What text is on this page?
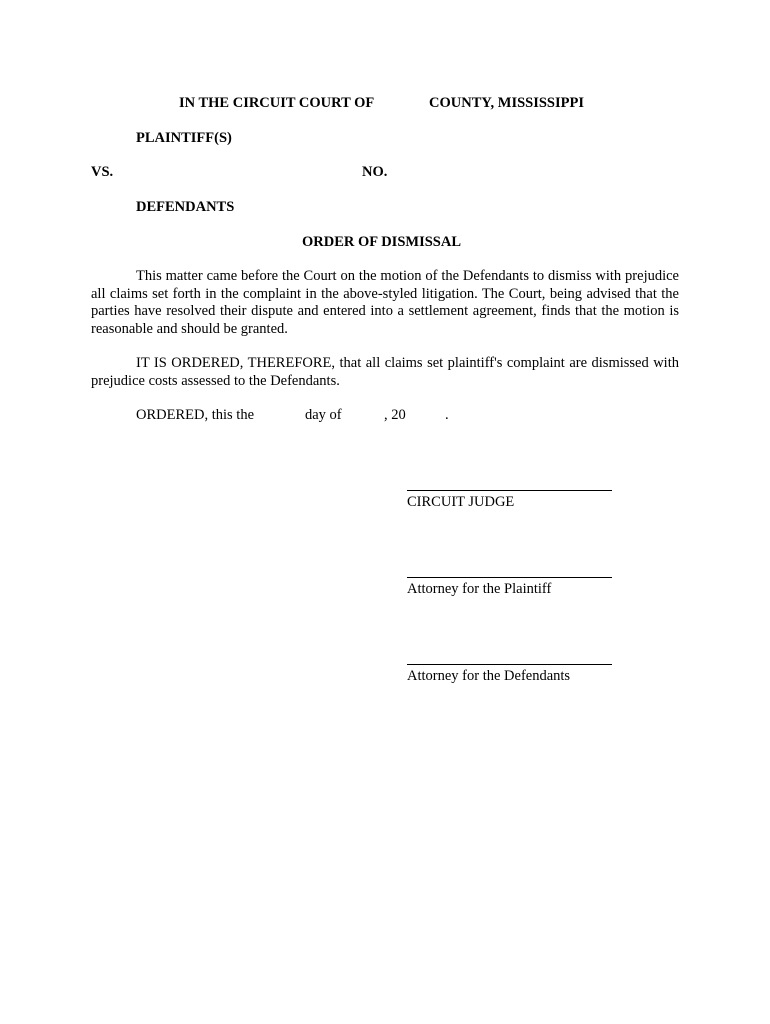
IN THE CIRCUIT COURT OF	COUNTY, MISSISSIPPI
PLAINTIFF(S)
VS.	NO.
DEFENDANTS
ORDER OF DISMISSAL
This matter came before the Court on the motion of the Defendants to dismiss with prejudice all claims set forth in the complaint in the above-styled litigation. The Court, being advised that the parties have resolved their dispute and entered into a settlement agreement, finds that the motion is reasonable and should be granted.
IT IS ORDERED, THEREFORE, that all claims set plaintiff's complaint are dismissed with prejudice costs assessed to the Defendants.
ORDERED, this the	day of	, 20	.
CIRCUIT JUDGE
Attorney for the Plaintiff
Attorney for the Defendants
